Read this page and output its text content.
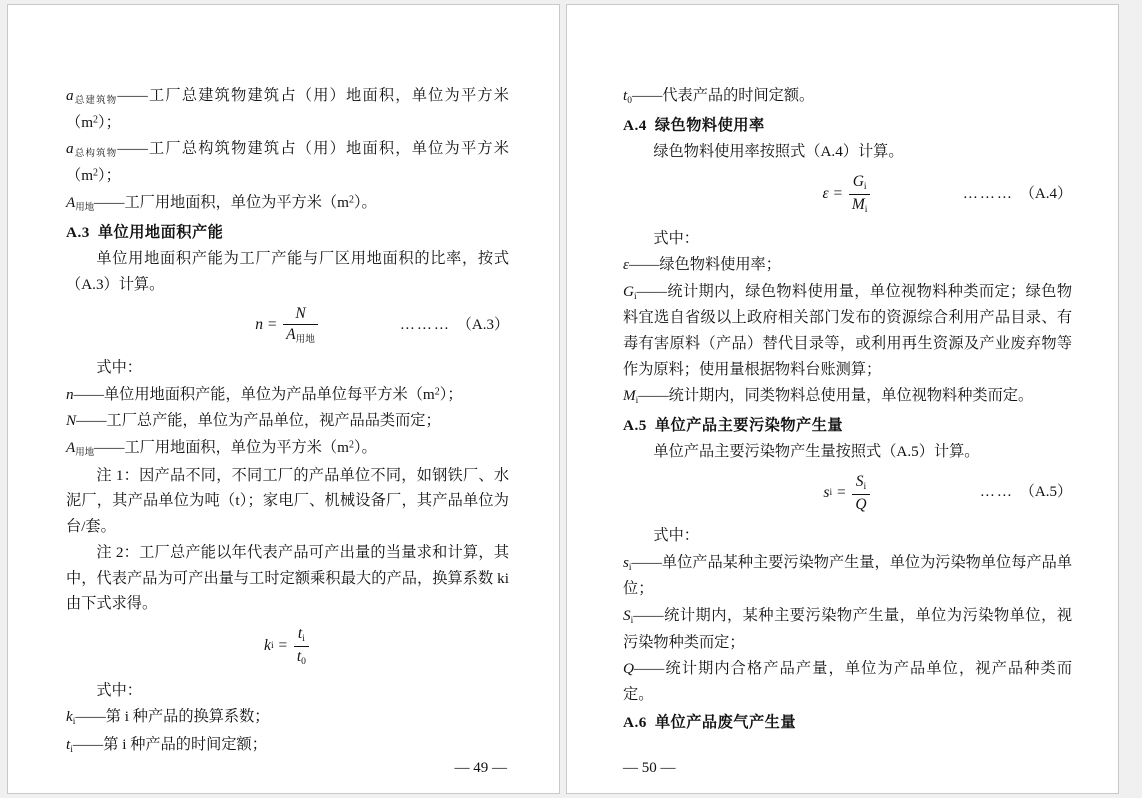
$a_{总建筑物}——$工厂总建筑物建筑占（用）地面积，单位为平方米$(m^2)$；

$a_{总构筑物}——$工厂总构筑物建筑占（用）地面积，单位为平方米$(m^2)$；

$A_{用地}——$工厂用地面积，单位为平方米$(m^2)$。

A.3 单位用地面积产能

单位用地面积产能为工厂产能与厂区用地面积的比率，按式（A.3）计算。

$n = \frac{N}{A_{用地}}$	……… （A.3）

式中：

n——单位用地面积产能，单位为产品单位每平方米$(m^2)$；

N——工厂总产能，单位为产品单位，视产品品类而定；

$A_{用地}——$工厂用地面积，单位为平方米$(m^2)$。

注 1：因产品不同，不同工厂的产品单位不同，如钢铁厂、水泥厂，其产品单位为吨（t）；家电厂、机械设备厂，其产品单位为台/套。

注 2：工厂总产能以年代表产品可产出量的当量求和计算，其中，代表产品为可产出量与工时定额乘积最大的产品，换算系数 ki 由下式求得。

k $i = \frac{t_i}{t_0}$

式中：

$k_i——$第 i 种产品的换算系数；

$t_i——$第 i 种产品的时间定额；

— 49 —

$t_0——$代表产品的时间定额。

A.4 绿色物料使用率

绿色物料使用率按照式（A.4）计算。

$\varepsilon = \frac{G_i}{M_i}$	……… （A.4）

式中：

ε——绿色物料使用率；

$G_i——$统计期内，绿色物料使用量，单位视物料种类而定；绿色物料宜选自省级以上政府相关部门发布的资源综合利用产品目录、有毒有害原料（产品）替代目录等，或利用再生资源及产业废弃物等作为原料；使用量根据物料台账测算；

$M_i——$统计期内，同类物料总使用量，单位视物料种类而定。

A.5 单位产品主要污染物产生量

单位产品主要污染物产生量按照式（A.5）计算。

s $i = \frac{S_i}{Q}$	…… （A.5）

式中：

$s_i——$单位产品某种主要污染物产生量，单位为污染物单位每产品单位；

$S_i——$统计期内，某种主要污染物产生量，单位为污染物单位，视污染物种类而定；

Q——统计期内合格产品产量，单位为产品单位，视产品种类而定。

A.6 单位产品废气产生量

— 50 —
